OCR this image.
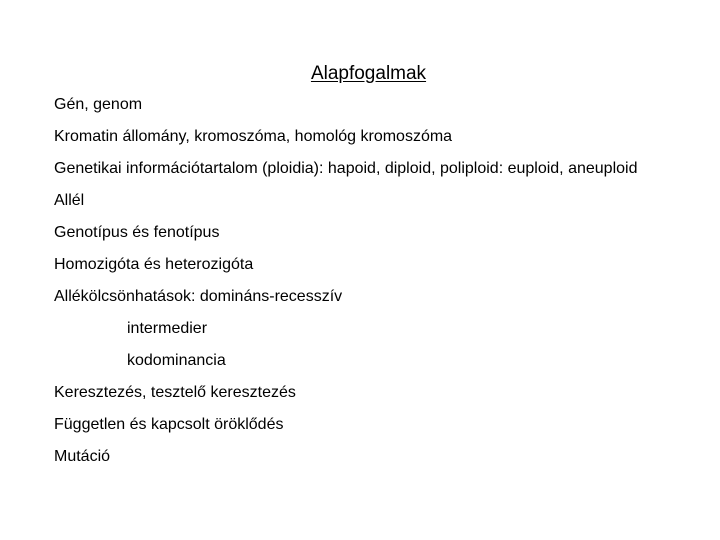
Alapfogalmak
Gén, genom
Kromatin állomány, kromoszóma, homológ kromoszóma
Genetikai információtartalom (ploidia): hapoid, diploid, poliploid: euploid, aneuploid
Allél
Genotípus és fenotípus
Homozigóta és heterozigóta
Allékölcsönhatások: domináns-recesszív
intermedier
kodominancia
Keresztezés, tesztelő keresztezés
Független és kapcsolt öröklődés
Mutáció
